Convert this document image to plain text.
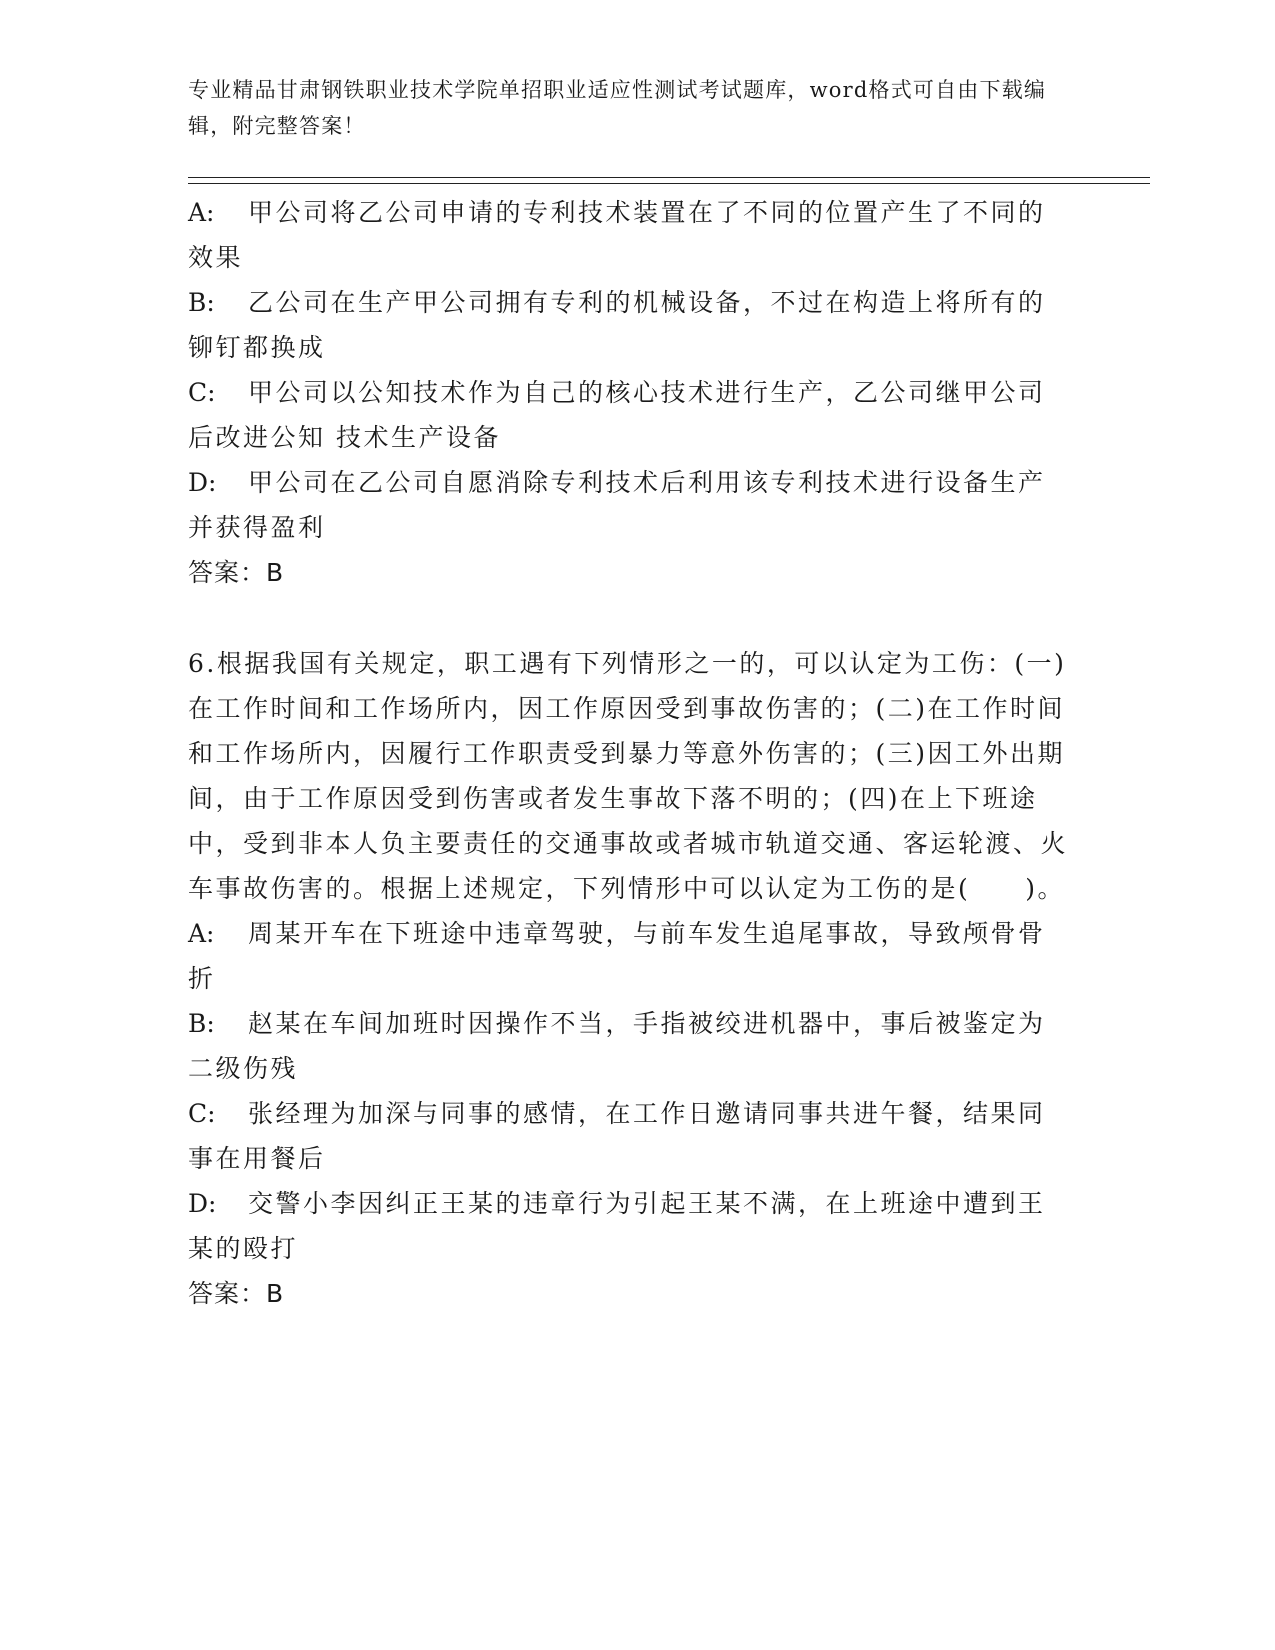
专业精品甘肃钢铁职业技术学院单招职业适应性测试考试题库，word格式可自由下载编辑，附完整答案！

A: 甲公司将乙公司申请的专利技术装置在了不同的位置产生了不同的效果

B: 乙公司在生产甲公司拥有专利的机械设备，不过在构造上将所有的铆钉都换成

C: 甲公司以公知技术作为自己的核心技术进行生产，乙公司继甲公司后改进公知 技术生产设备

D: 甲公司在乙公司自愿消除专利技术后利用该专利技术进行设备生产并获得盈利

答案：B

6.根据我国有关规定，职工遇有下列情形之一的，可以认定为工伤：(一)在工作时间和工作场所内，因工作原因受到事故伤害的；(二)在工作时间和工作场所内，因履行工作职责受到暴力等意外伤害的；(三)因工外出期间，由于工作原因受到伤害或者发生事故下落不明的；(四)在上下班途中，受到非本人负主要责任的交通事故或者城市轨道交通、客运轮渡、火车事故伤害的。根据上述规定，下列情形中可以认定为工伤的是(　　)。

A: 周某开车在下班途中违章驾驶，与前车发生追尾事故，导致颅骨骨折

B: 赵某在车间加班时因操作不当，手指被绞进机器中，事后被鉴定为二级伤残

C: 张经理为加深与同事的感情，在工作日邀请同事共进午餐，结果同事在用餐后

D: 交警小李因纠正王某的违章行为引起王某不满，在上班途中遭到王某的殴打

答案：B
